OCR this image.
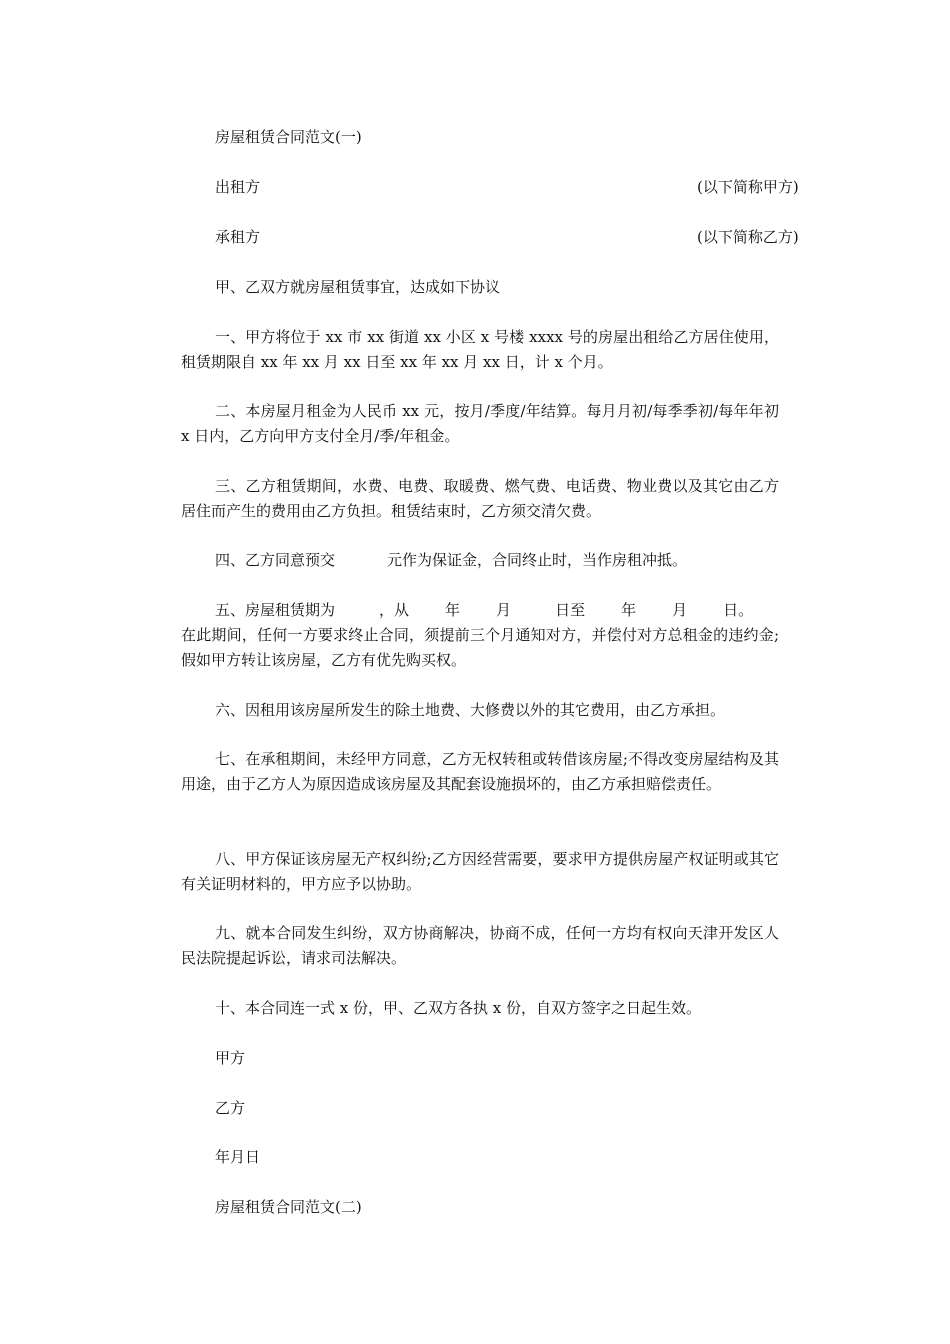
房屋租赁合同范文(一)
出租方	(以下简称甲方)
承租方	(以下简称乙方)
甲、乙双方就房屋租赁事宜，达成如下协议
一、甲方将位于 xx 市 xx 街道 xx 小区 x 号楼 xxxx 号的房屋出租给乙方居住使用，租赁期限自 xx 年 xx 月 xx 日至 xx 年 xx 月 xx 日，计 x 个月。
二、本房屋月租金为人民币 xx 元，按月/季度/年结算。每月月初/每季季初/每年年初 x 日内，乙方向甲方支付全月/季/年租金。
三、乙方租赁期间，水费、电费、取暖费、燃气费、电话费、物业费以及其它由乙方居住而产生的费用由乙方负担。租赁结束时，乙方须交清欠费。
四、乙方同意预交	元作为保证金，合同终止时，当作房租冲抵。
五、房屋租赁期为	，从 年 月	日至 年 月 日。
在此期间，任何一方要求终止合同，须提前三个月通知对方，并偿付对方总租金的违约金;假如甲方转让该房屋，乙方有优先购买权。
六、因租用该房屋所发生的除土地费、大修费以外的其它费用，由乙方承担。
七、在承租期间，未经甲方同意，乙方无权转租或转借该房屋;不得改变房屋结构及其用途，由于乙方人为原因造成该房屋及其配套设施损坏的，由乙方承担赔偿责任。
八、甲方保证该房屋无产权纠纷;乙方因经营需要，要求甲方提供房屋产权证明或其它有关证明材料的，甲方应予以协助。
九、就本合同发生纠纷，双方协商解决，协商不成，任何一方均有权向天津开发区人民法院提起诉讼，请求司法解决。
十、本合同连一式 x 份，甲、乙双方各执 x 份，自双方签字之日起生效。
甲方
乙方
年月日
房屋租赁合同范文(二)
